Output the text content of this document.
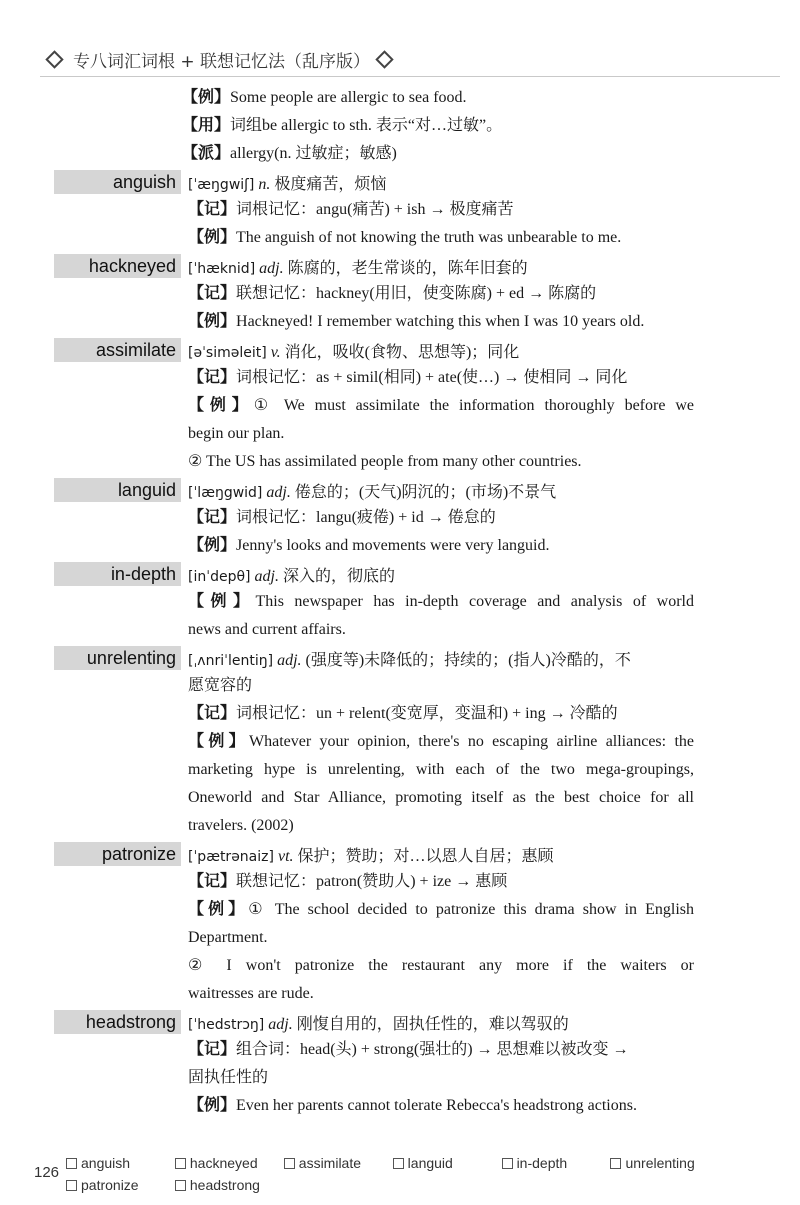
专八词汇词根 + 联想记忆法（乱序版）
【例】Some people are allergic to sea food.
【用】词组be allergic to sth. 表示“对…过敏”。
【派】allergy(n. 过敏症；敏感)
anguish [ˈæŋgwiʃ] n. 极度痛苦，烦恼
【记】词根记忆：angu(痛苦) + ish → 极度痛苦
【例】The anguish of not knowing the truth was unbearable to me.
hackneyed [ˈhæknid] adj. 陈腐的，老生常谈的，陈年旧套的
【记】联想记忆：hackney(用旧，使变陈腐) + ed → 陈腐的
【例】Hackneyed! I remember watching this when I was 10 years old.
assimilate [əˈsiməleit] v. 消化，吸收(食物、思想等)；同化
【记】词根记忆：as + simil(相同) + ate(使…) → 使相同 → 同化
【例】① We must assimilate the information thoroughly before we
begin our plan.
② The US has assimilated people from many other countries.
languid [ˈlæŋgwid] adj. 倦怠的；(天气)阴沉的；(市场)不景气
【记】词根记忆：langu(疲倦) + id → 倦怠的
【例】Jenny's looks and movements were very languid.
in-depth [inˈdepθ] adj. 深入的，彻底的
【例】This newspaper has in-depth coverage and analysis of world
news and current affairs.
unrelenting [ˌʌnriˈlentiŋ] adj. (强度等)未降低的；持续的；(指人)冷酷的，不
愿宽容的
【记】词根记忆：un + relent(变宽厚，变温和) + ing → 冷酷的
【例】Whatever your opinion, there's no escaping airline alliances: the
marketing hype is unrelenting, with each of the two mega-groupings,
Oneworld and Star Alliance, promoting itself as the best choice for all
travelers. (2002)
patronize [ˈpætrənaiz] vt. 保护；赞助；对…以恩人自居；惠顾
【记】联想记忆：patron(赞助人) + ize → 惠顾
【例】① The school decided to patronize this drama show in English
Department.
② I won't patronize the restaurant any more if the waiters or
waitresses are rude.
headstrong [ˈhedstrɔŋ] adj. 刚愎自用的，固执任性的，难以驾驭的
【记】组合词：head(头) + strong(强壮的) → 思想难以被改变 →
固执任性的
【例】Even her parents cannot tolerate Rebecca's headstrong actions.
126
anguish	hackneyed	assimilate	languid	in-depth	unrelenting
patronize	headstrong
